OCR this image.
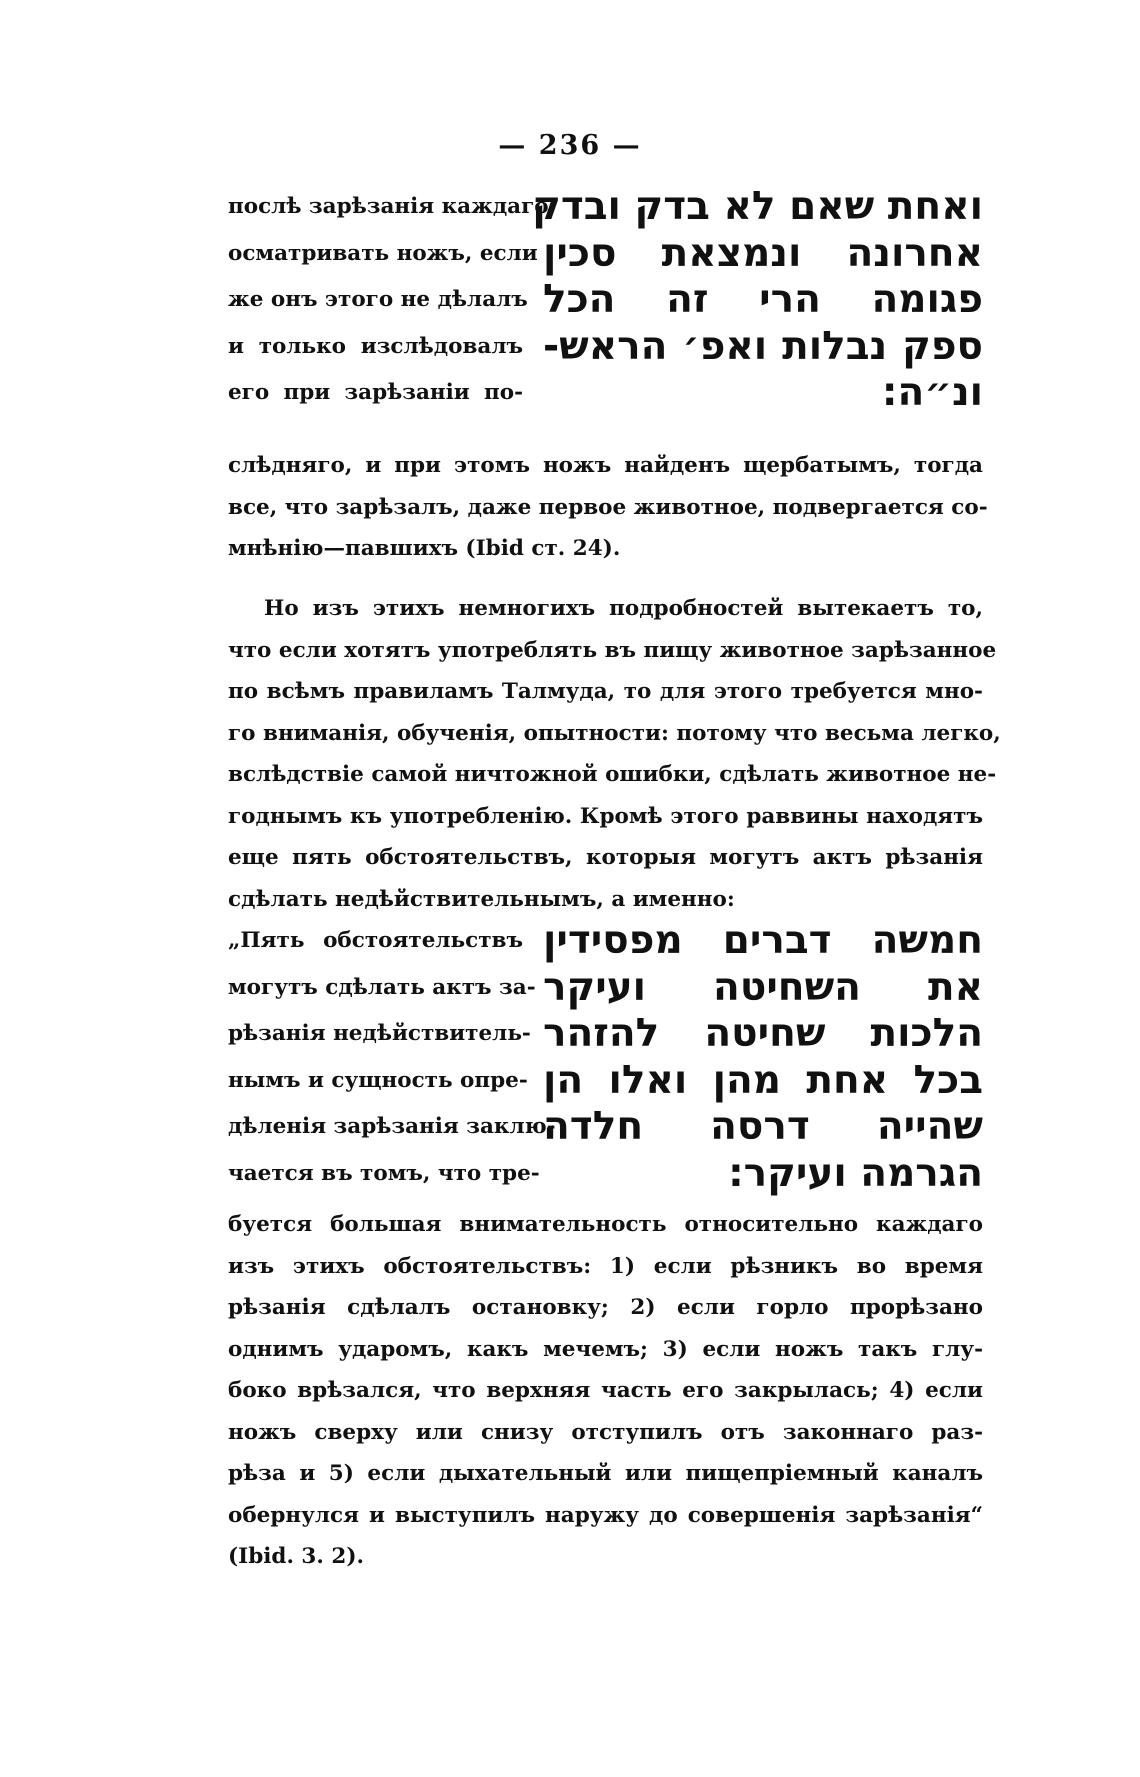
— 236 —
послѣ зарѣзанія каждаго
осматривать ножъ, если
же онъ этого не дѣлалъ
и только изслѣдовалъ
его при зарѣзаніи по-
ואחת שאם לא בדק ובדק
אחרונה ונמצאת סכין
פגומה הרי זה הכל
ספק נבלות ואפ׳ הראש-
ונ״ה:
слѣдняго, и при этомъ ножъ найденъ щербатымъ, тогда
все, что зарѣзалъ, даже первое животное, подвергается со-
мнѣнію—павшихъ (Ibid ст. 24).
Но изъ этихъ немногихъ подробностей вытекаетъ то,
что если хотятъ употреблять въ пищу животное зарѣзанное
по всѣмъ правиламъ Талмуда, то для этого требуется мно-
го вниманія, обученія, опытности: потому что весьма легко,
вслѣдствіе самой ничтожной ошибки, сдѣлать животное не-
годнымъ къ употребленію. Кромѣ этого раввины находятъ
еще пять обстоятельствъ, которыя могутъ актъ рѣзанія
сдѣлать недѣйствительнымъ, а именно:
„Пять обстоятельствъ
могутъ сдѣлать актъ за-
рѣзанія недѣйствитель-
нымъ и сущность опре-
дѣленія зарѣзанія заклю-
чается въ томъ, что тре-
חמשה דברים מפסידין
את השחיטה ועיקר
הלכות שחיטה להזהר
בכל אחת מהן ואלו הן
שהייה דרסה חלדה
הגרמה ועיקר:
буется большая внимательность относительно каждаго
изъ этихъ обстоятельствъ: 1) если рѣзникъ во время
рѣзанія сдѣлалъ остановку; 2) если горло прорѣзано
однимъ ударомъ, какъ мечемъ; 3) если ножъ такъ глу-
боко врѣзался, что верхняя часть его закрылась; 4) если
ножъ сверху или снизу отступилъ отъ законнаго раз-
рѣза и 5) если дыхательный или пищепріемный каналъ
обернулся и выступилъ наружу до совершенія зарѣзанія“
(Ibid. 3. 2).
